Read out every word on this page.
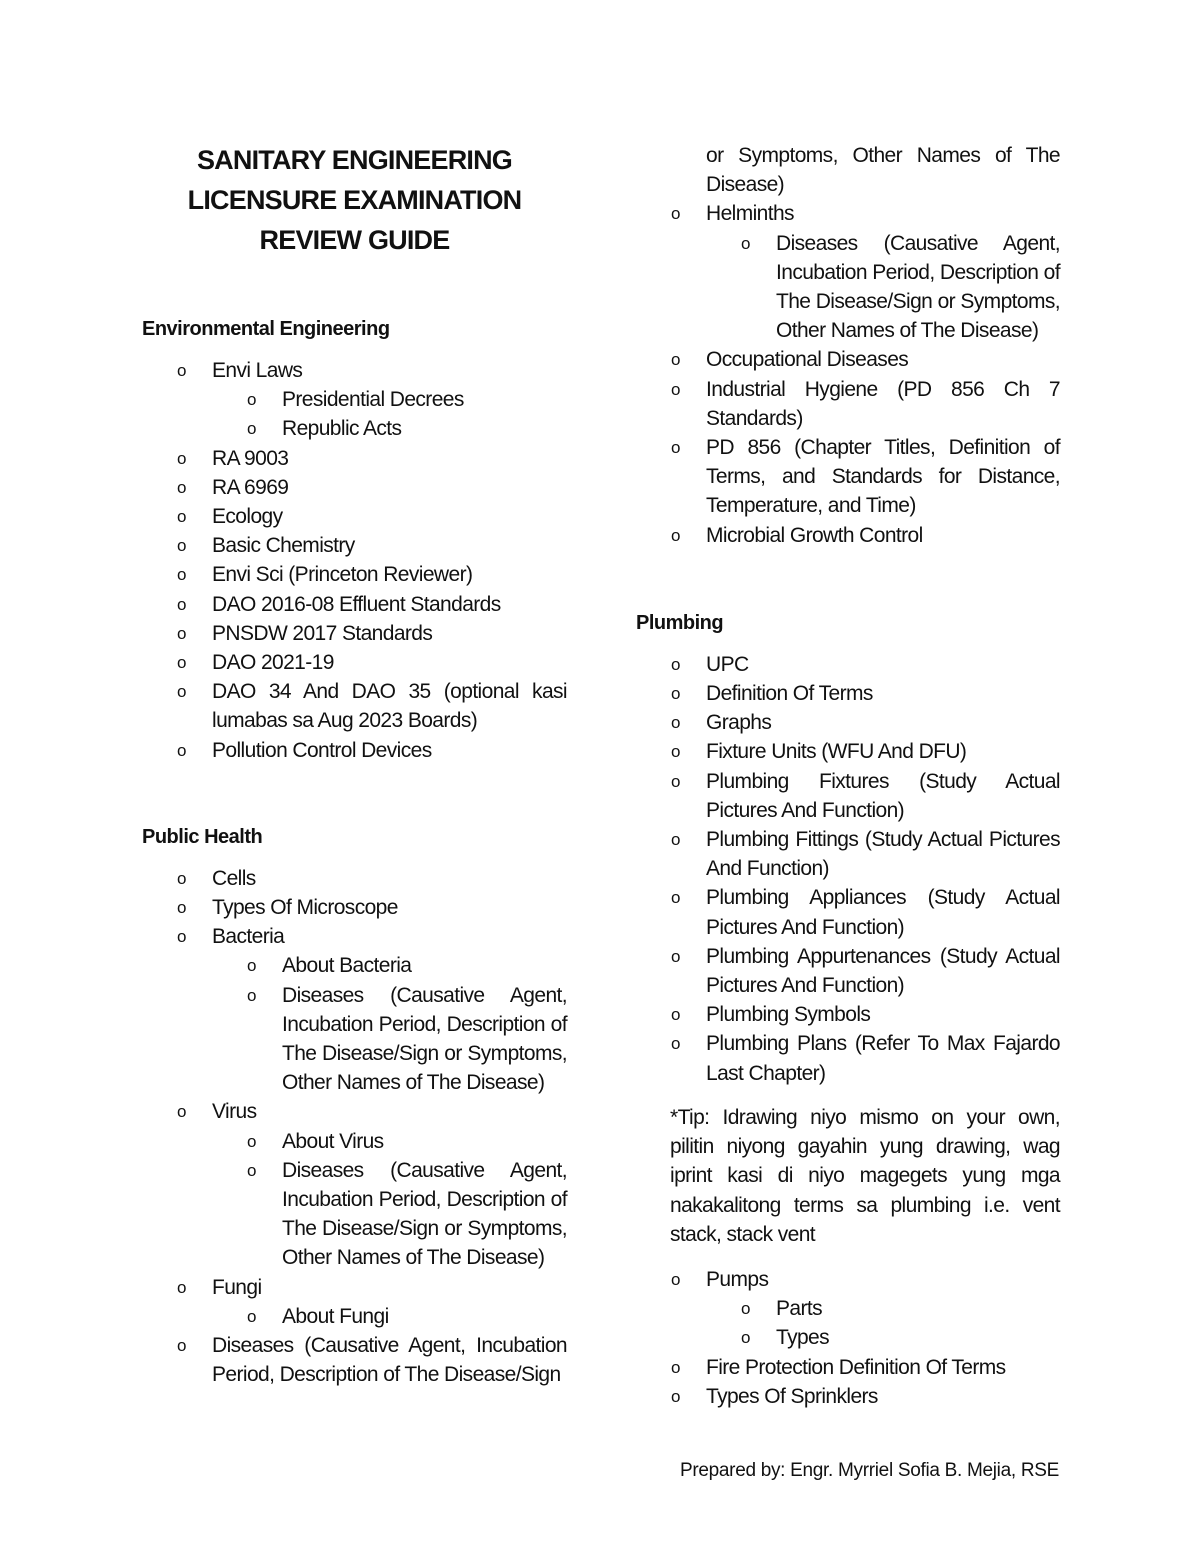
SANITARY ENGINEERING
LICENSURE EXAMINATION
REVIEW GUIDE
Environmental Engineering
o Envi Laws
o Presidential Decrees
o Republic Acts
o RA 9003
o RA 6969
o Ecology
o Basic Chemistry
o Envi Sci (Princeton Reviewer)
o DAO 2016-08 Effluent Standards
o PNSDW 2017 Standards
o DAO 2021-19
o DAO 34 And DAO 35 (optional kasi lumabas sa Aug 2023 Boards)
o Pollution Control Devices
Public Health
o Cells
o Types Of Microscope
o Bacteria
o About Bacteria
o Diseases (Causative Agent, Incubation Period, Description of The Disease/Sign or Symptoms, Other Names of The Disease)
o Virus
o About Virus
o Diseases (Causative Agent, Incubation Period, Description of The Disease/Sign or Symptoms, Other Names of The Disease)
o Fungi
o About Fungi
o Diseases (Causative Agent, Incubation Period, Description of The Disease/Sign
or Symptoms, Other Names of The Disease)
o Helminths
o Diseases (Causative Agent, Incubation Period, Description of The Disease/Sign or Symptoms, Other Names of The Disease)
o Occupational Diseases
o Industrial Hygiene (PD 856 Ch 7 Standards)
o PD 856 (Chapter Titles, Definition of Terms, and Standards for Distance, Temperature, and Time)
o Microbial Growth Control
Plumbing
o UPC
o Definition Of Terms
o Graphs
o Fixture Units (WFU And DFU)
o Plumbing Fixtures (Study Actual Pictures And Function)
o Plumbing Fittings (Study Actual Pictures And Function)
o Plumbing Appliances (Study Actual Pictures And Function)
o Plumbing Appurtenances (Study Actual Pictures And Function)
o Plumbing Symbols
o Plumbing Plans (Refer To Max Fajardo Last Chapter)

*Tip: Idrawing niyo mismo on your own, pilitin niyong gayahin yung drawing, wag iprint kasi di niyo magegets yung mga nakakalitong terms sa plumbing i.e. vent stack, stack vent

o Pumps
o Parts
o Types
o Fire Protection Definition Of Terms
o Types Of Sprinklers
Prepared by: Engr. Myrriel Sofia B. Mejia, RSE
